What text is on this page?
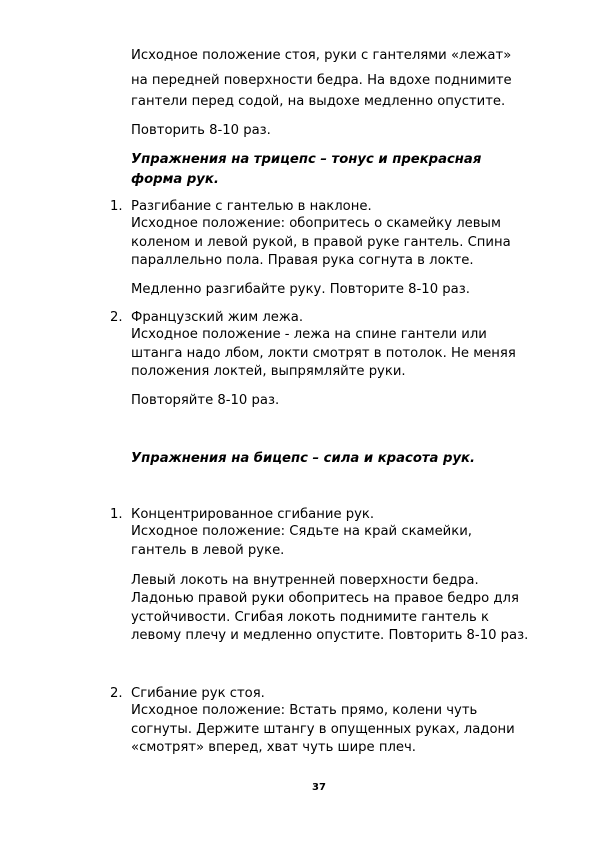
Исходное положение стоя, руки с гантелями «лежат»

на передней поверхности бедра. На вдохе поднимите

гантели перед содой, на выдохе медленно опустите.

Повторить 8-10 раз.

Упражнения на трицепс – тонус и прекрасная

форма рук.

1. Разгибание с гантелью в наклоне.

Исходное положение: обопритесь о скамейку левым

коленом и левой рукой, в правой руке гантель. Спина

параллельно пола. Правая рука согнута в локте.

Медленно разгибайте руку. Повторите 8-10 раз.

2. Французский жим лежа.

Исходное положение - лежа на спине гантели или

штанга надо лбом, локти смотрят в потолок. Не меняя

положения локтей, выпрямляйте руки.

Повторяйте 8-10 раз.

Упражнения на бицепс – сила и красота рук.

1. Концентрированное сгибание рук.

Исходное положение: Сядьте на край скамейки,

гантель в левой руке.

Левый локоть на внутренней поверхности бедра.

Ладонью правой руки обопритесь на правое бедро для

устойчивости. Сгибая локоть поднимите гантель к

левому плечу и медленно опустите. Повторить 8-10 раз.

2. Сгибание рук стоя.

Исходное положение: Встать прямо, колени чуть

согнуты. Держите штангу в опущенных руках, ладони

«смотрят» вперед, хват чуть шире плеч.

37
